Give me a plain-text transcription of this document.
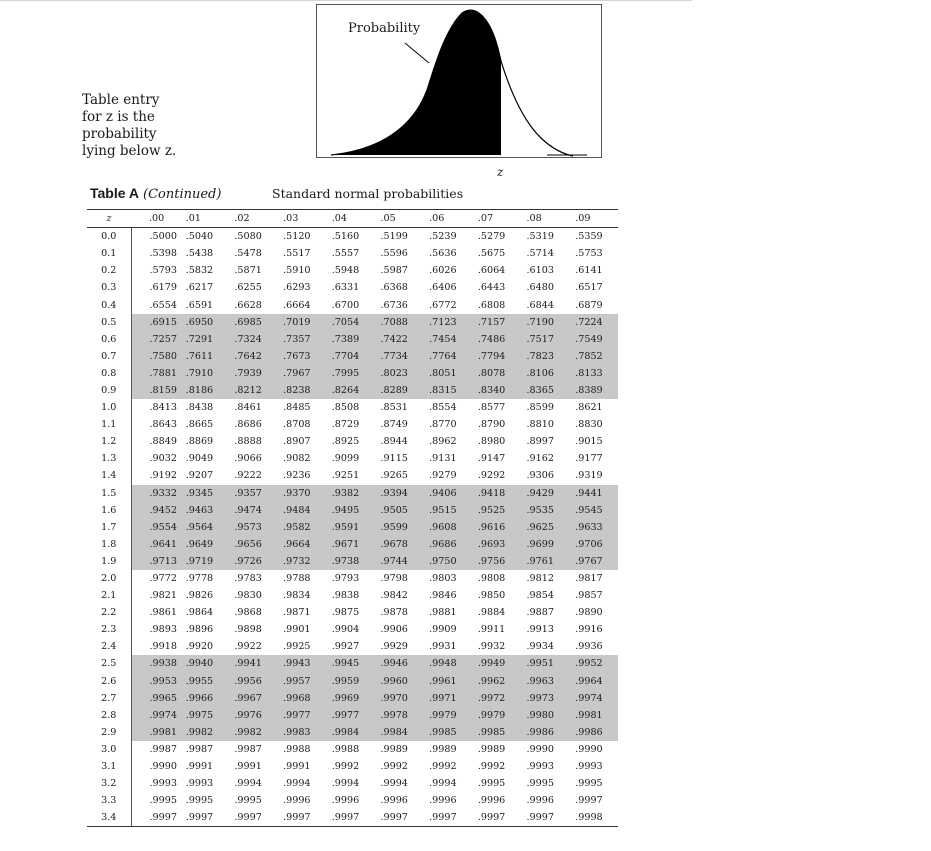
Table entry
for z is the
probability
lying below z.
Probability
z
Table A (Continued)	Standard normal probabilities
z	.00	.01	.02	.03	.04	.05	.06	.07	.08	.09
0.0	.5000	.5040	.5080	.5120	.5160	.5199	.5239	.5279	.5319	.5359
0.1	.5398	.5438	.5478	.5517	.5557	.5596	.5636	.5675	.5714	.5753
0.2	.5793	.5832	.5871	.5910	.5948	.5987	.6026	.6064	.6103	.6141
0.3	.6179	.6217	.6255	.6293	.6331	.6368	.6406	.6443	.6480	.6517
0.4	.6554	.6591	.6628	.6664	.6700	.6736	.6772	.6808	.6844	.6879
0.5	.6915	.6950	.6985	.7019	.7054	.7088	.7123	.7157	.7190	.7224
0.6	.7257	.7291	.7324	.7357	.7389	.7422	.7454	.7486	.7517	.7549
0.7	.7580	.7611	.7642	.7673	.7704	.7734	.7764	.7794	.7823	.7852
0.8	.7881	.7910	.7939	.7967	.7995	.8023	.8051	.8078	.8106	.8133
0.9	.8159	.8186	.8212	.8238	.8264	.8289	.8315	.8340	.8365	.8389
1.0	.8413	.8438	.8461	.8485	.8508	.8531	.8554	.8577	.8599	.8621
1.1	.8643	.8665	.8686	.8708	.8729	.8749	.8770	.8790	.8810	.8830
1.2	.8849	.8869	.8888	.8907	.8925	.8944	.8962	.8980	.8997	.9015
1.3	.9032	.9049	.9066	.9082	.9099	.9115	.9131	.9147	.9162	.9177
1.4	.9192	.9207	.9222	.9236	.9251	.9265	.9279	.9292	.9306	.9319
1.5	.9332	.9345	.9357	.9370	.9382	.9394	.9406	.9418	.9429	.9441
1.6	.9452	.9463	.9474	.9484	.9495	.9505	.9515	.9525	.9535	.9545
1.7	.9554	.9564	.9573	.9582	.9591	.9599	.9608	.9616	.9625	.9633
1.8	.9641	.9649	.9656	.9664	.9671	.9678	.9686	.9693	.9699	.9706
1.9	.9713	.9719	.9726	.9732	.9738	.9744	.9750	.9756	.9761	.9767
2.0	.9772	.9778	.9783	.9788	.9793	.9798	.9803	.9808	.9812	.9817
2.1	.9821	.9826	.9830	.9834	.9838	.9842	.9846	.9850	.9854	.9857
2.2	.9861	.9864	.9868	.9871	.9875	.9878	.9881	.9884	.9887	.9890
2.3	.9893	.9896	.9898	.9901	.9904	.9906	.9909	.9911	.9913	.9916
2.4	.9918	.9920	.9922	.9925	.9927	.9929	.9931	.9932	.9934	.9936
2.5	.9938	.9940	.9941	.9943	.9945	.9946	.9948	.9949	.9951	.9952
2.6	.9953	.9955	.9956	.9957	.9959	.9960	.9961	.9962	.9963	.9964
2.7	.9965	.9966	.9967	.9968	.9969	.9970	.9971	.9972	.9973	.9974
2.8	.9974	.9975	.9976	.9977	.9977	.9978	.9979	.9979	.9980	.9981
2.9	.9981	.9982	.9982	.9983	.9984	.9984	.9985	.9985	.9986	.9986
3.0	.9987	.9987	.9987	.9988	.9988	.9989	.9989	.9989	.9990	.9990
3.1	.9990	.9991	.9991	.9991	.9992	.9992	.9992	.9992	.9993	.9993
3.2	.9993	.9993	.9994	.9994	.9994	.9994	.9994	.9995	.9995	.9995
3.3	.9995	.9995	.9995	.9996	.9996	.9996	.9996	.9996	.9996	.9997
3.4	.9997	.9997	.9997	.9997	.9997	.9997	.9997	.9997	.9997	.9998
